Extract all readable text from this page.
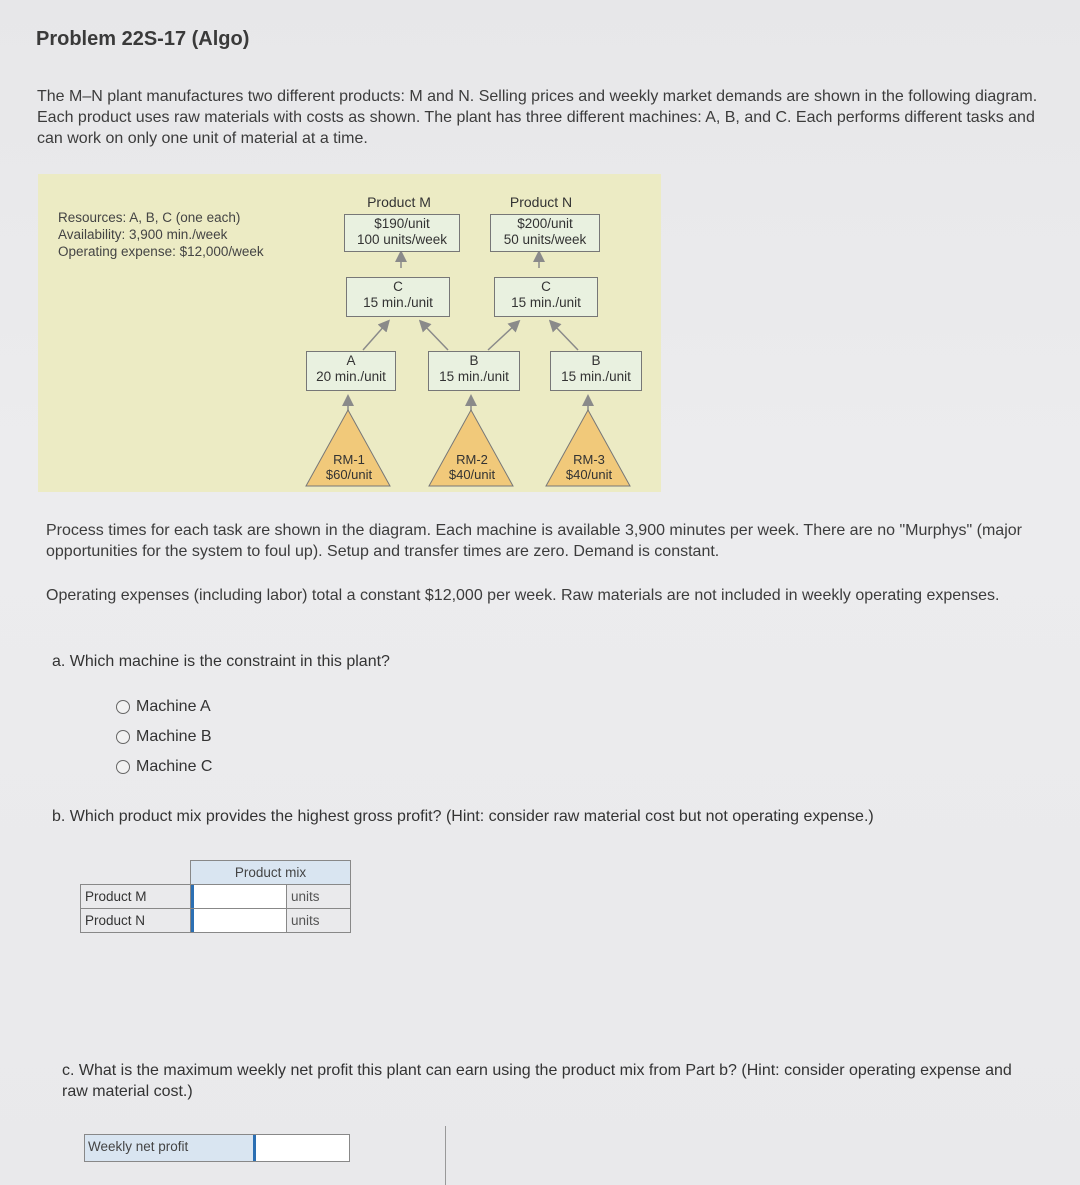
Problem 22S-17 (Algo)
The M–N plant manufactures two different products: M and N. Selling prices and weekly market demands are shown in the following diagram. Each product uses raw materials with costs as shown. The plant has three different machines: A, B, and C. Each performs different tasks and can work on only one unit of material at a time.
Resources: A, B, C (one each)
Availability: 3,900 min./week
Operating expense: $12,000/week
Product M
$190/unit
100 units/week
Product N
$200/unit
50 units/week
C
15 min./unit
C
15 min./unit
A
20 min./unit
B
15 min./unit
B
15 min./unit
RM-1
$60/unit
RM-2
$40/unit
RM-3
$40/unit
Process times for each task are shown in the diagram. Each machine is available 3,900 minutes per week. There are no "Murphys" (major opportunities for the system to foul up). Setup and transfer times are zero. Demand is constant.
Operating expenses (including labor) total a constant $12,000 per week. Raw materials are not included in weekly operating expenses.
a. Which machine is the constraint in this plant?
Machine A
Machine B
Machine C
b. Which product mix provides the highest gross profit? (Hint: consider raw material cost but not operating expense.)
	Product mix	
Product M		units
Product N		units
c. What is the maximum weekly net profit this plant can earn using the product mix from Part b? (Hint: consider operating expense and raw material cost.)
Weekly net profit
